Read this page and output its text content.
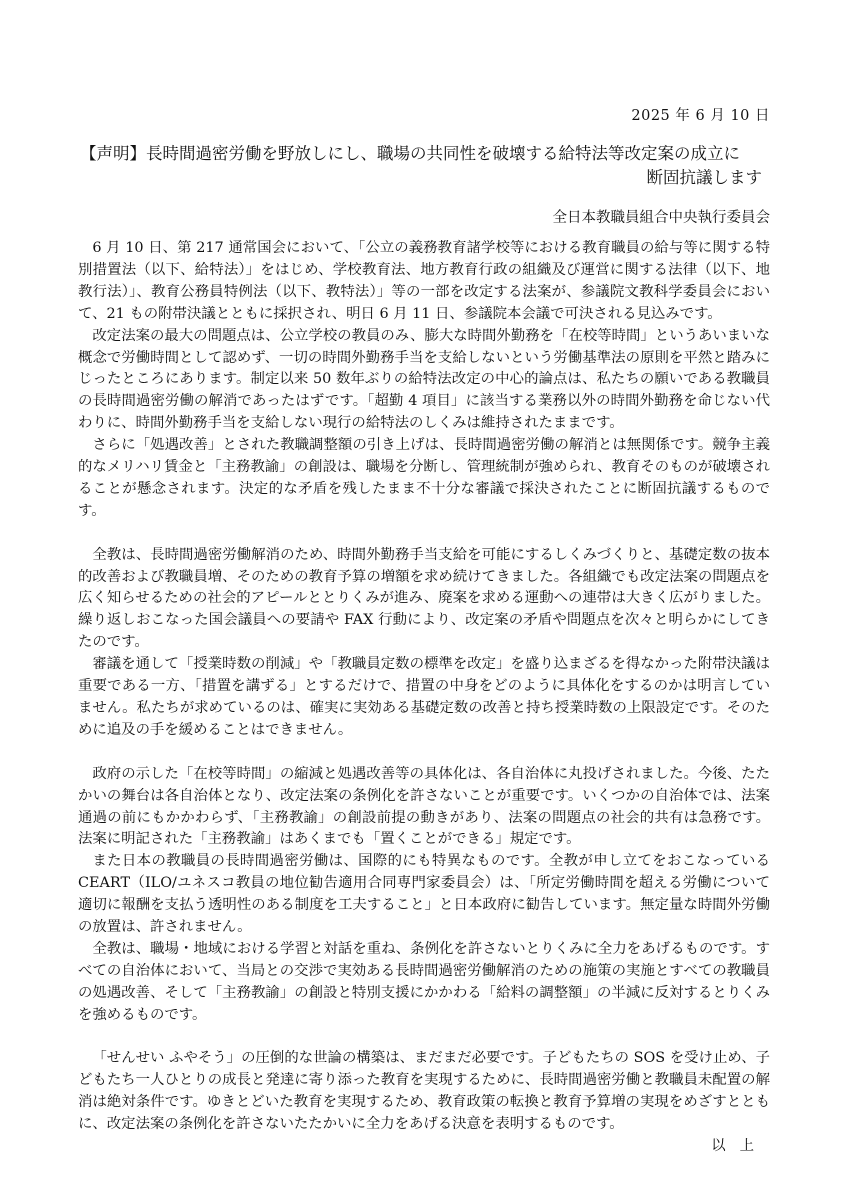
2025 年 6 月 10 日
【声明】長時間過密労働を野放しにし、職場の共同性を破壊する給特法等改定案の成立に
断固抗議します
全日本教職員組合中央執行委員会

6 月 10 日、第 217 通常国会において、「公立の義務教育諸学校等における教育職員の給与等に関する特別措置法（以下、給特法）」をはじめ、学校教育法、地方教育行政の組織及び運営に関する法律（以下、地教行法）」、教育公務員特例法（以下、教特法）」等の一部を改定する法案が、参議院文教科学委員会において、21 もの附帯決議とともに採択され、明日 6 月 11 日、参議院本会議で可決される見込みです。

改定法案の最大の問題点は、公立学校の教員のみ、膨大な時間外勤務を「在校等時間」というあいまいな概念で労働時間として認めず、一切の時間外勤務手当を支給しないという労働基準法の原則を平然と踏みにじったところにあります。制定以来 50 数年ぶりの給特法改定の中心的論点は、私たちの願いである教職員の長時間過密労働の解消であったはずです。「超勤 4 項目」に該当する業務以外の時間外勤務を命じない代わりに、時間外勤務手当を支給しない現行の給特法のしくみは維持されたままです。

さらに「処遇改善」とされた教職調整額の引き上げは、長時間過密労働の解消とは無関係です。競争主義的なメリハリ賃金と「主務教諭」の創設は、職場を分断し、管理統制が強められ、教育そのものが破壊されることが懸念されます。決定的な矛盾を残したまま不十分な審議で採決されたことに断固抗議するものです。

全教は、長時間過密労働解消のため、時間外勤務手当支給を可能にするしくみづくりと、基礎定数の抜本的改善および教職員増、そのための教育予算の増額を求め続けてきました。各組織でも改定法案の問題点を広く知らせるための社会的アピールととりくみが進み、廃案を求める運動への連帯は大きく広がりました。繰り返しおこなった国会議員への要請や FAX 行動により、改定案の矛盾や問題点を次々と明らかにしてきたのです。

審議を通して「授業時数の削減」や「教職員定数の標準を改定」を盛り込まざるを得なかった附帯決議は重要である一方、「措置を講ずる」とするだけで、措置の中身をどのように具体化をするのかは明言していません。私たちが求めているのは、確実に実効ある基礎定数の改善と持ち授業時数の上限設定です。そのために追及の手を緩めることはできません。

政府の示した「在校等時間」の縮減と処遇改善等の具体化は、各自治体に丸投げされました。今後、たたかいの舞台は各自治体となり、改定法案の条例化を許さないことが重要です。いくつかの自治体では、法案通過の前にもかかわらず、「主務教諭」の創設前提の動きがあり、法案の問題点の社会的共有は急務です。法案に明記された「主務教諭」はあくまでも「置くことができる」規定です。

また日本の教職員の長時間過密労働は、国際的にも特異なものです。全教が申し立てをおこなっている CEART（ILO/ユネスコ教員の地位勧告適用合同専門家委員会）は、「所定労働時間を超える労働について適切に報酬を支払う透明性のある制度を工夫すること」と日本政府に勧告しています。無定量な時間外労働の放置は、許されません。

全教は、職場・地域における学習と対話を重ね、条例化を許さないとりくみに全力をあげるものです。すべての自治体において、当局との交渉で実効ある長時間過密労働解消のための施策の実施とすべての教職員の処遇改善、そして「主務教諭」の創設と特別支援にかかわる「給料の調整額」の半減に反対するとりくみを強めるものです。

「せんせい ふやそう」の圧倒的な世論の構築は、まだまだ必要です。子どもたちの SOS を受け止め、子どもたち一人ひとりの成長と発達に寄り添った教育を実現するために、長時間過密労働と教職員未配置の解消は絶対条件です。ゆきとどいた教育を実現するため、教育政策の転換と教育予算増の実現をめざすとともに、改定法案の条例化を許さないたたかいに全力をあげる決意を表明するものです。

以上
